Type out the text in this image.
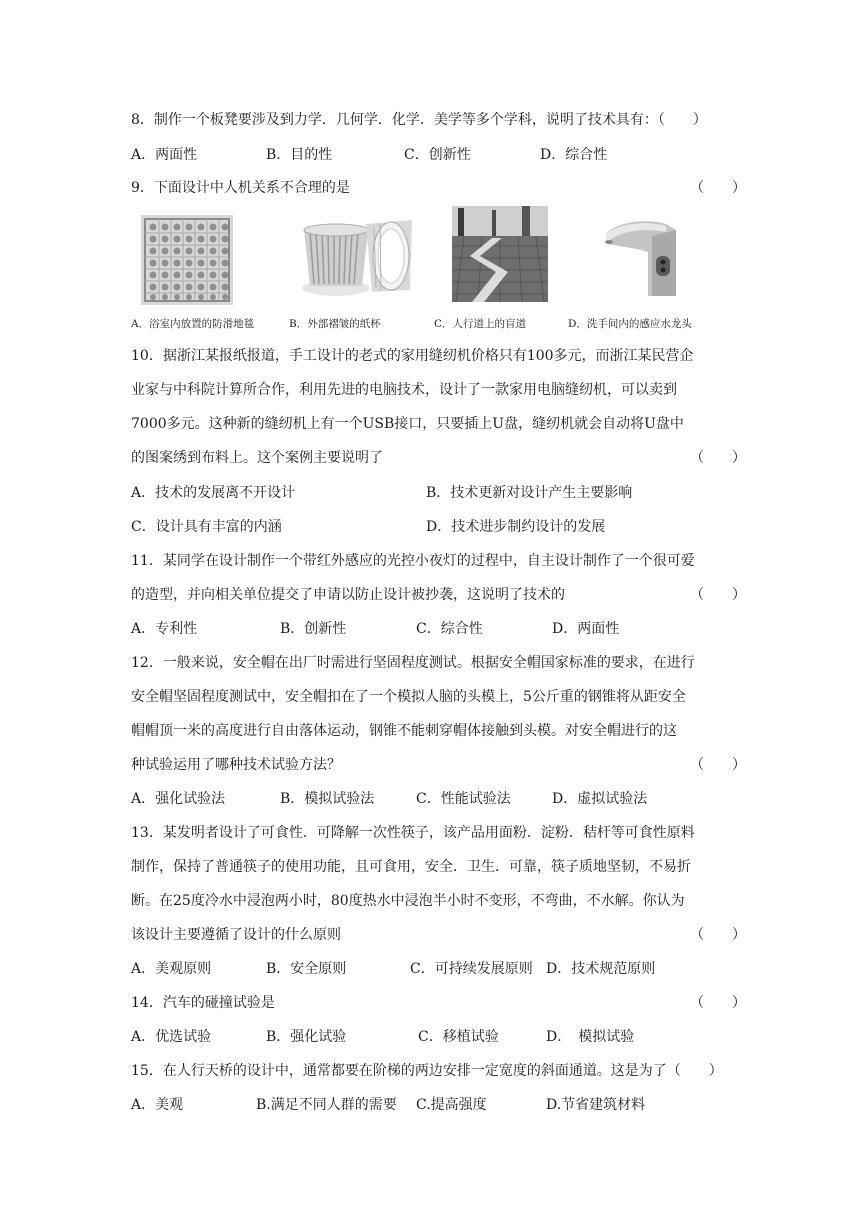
8．制作一个板凳要涉及到力学．几何学．化学．美学等多个学科，说明了技术具有：（　　）
A．两面性	B．目的性	C．创新性	D．综合性
9．下面设计中人机关系不合理的是	（　　）
A．浴室内放置的防滑地毯	B．外部褶皱的纸杯	C．人行道上的盲道	D．洗手间内的感应水龙头
10．据浙江某报纸报道，手工设计的老式的家用缝纫机价格只有100多元，而浙江某民营企
业家与中科院计算所合作，利用先进的电脑技术，设计了一款家用电脑缝纫机，可以卖到
7000多元。这种新的缝纫机上有一个USB接口，只要插上U盘，缝纫机就会自动将U盘中
的图案绣到布料上。这个案例主要说明了	（　　）
A．技术的发展离不开设计	B．技术更新对设计产生主要影响
C．设计具有丰富的内涵	D．技术进步制约设计的发展
11．某同学在设计制作一个带红外感应的光控小夜灯的过程中，自主设计制作了一个很可爱
的造型，并向相关单位提交了申请以防止设计被抄袭，这说明了技术的	（　　）
A．专利性	B．创新性	C．综合性	D．两面性
12．一般来说，安全帽在出厂时需进行坚固程度测试。根据安全帽国家标准的要求，在进行
安全帽坚固程度测试中，安全帽扣在了一个模拟人脑的头模上，5公斤重的钢锥将从距安全
帽帽顶一米的高度进行自由落体运动，钢锥不能刺穿帽体接触到头模。对安全帽进行的这
种试验运用了哪种技术试验方法？	（　　）
A．强化试验法	B．模拟试验法	C．性能试验法	D．虚拟试验法
13．某发明者设计了可食性．可降解一次性筷子，该产品用面粉．淀粉．秸杆等可食性原料
制作，保持了普通筷子的使用功能，且可食用，安全．卫生．可靠，筷子质地坚韧，不易折
断。在25度冷水中浸泡两小时，80度热水中浸泡半小时不变形，不弯曲，不水解。你认为
该设计主要遵循了设计的什么原则	（　　）
A．美观原则	B．安全原则	C．可持续发展原则 D．技术规范原则
14．汽车的碰撞试验是	（　　）
A．优选试验	B．强化试验	C．移植试验	D．　模拟试验
15．在人行天桥的设计中，通常都要在阶梯的两边安排一定宽度的斜面通道。这是为了（　　）
A．美观	B.满足不同人群的需要 C.提高强度	D.节省建筑材料
